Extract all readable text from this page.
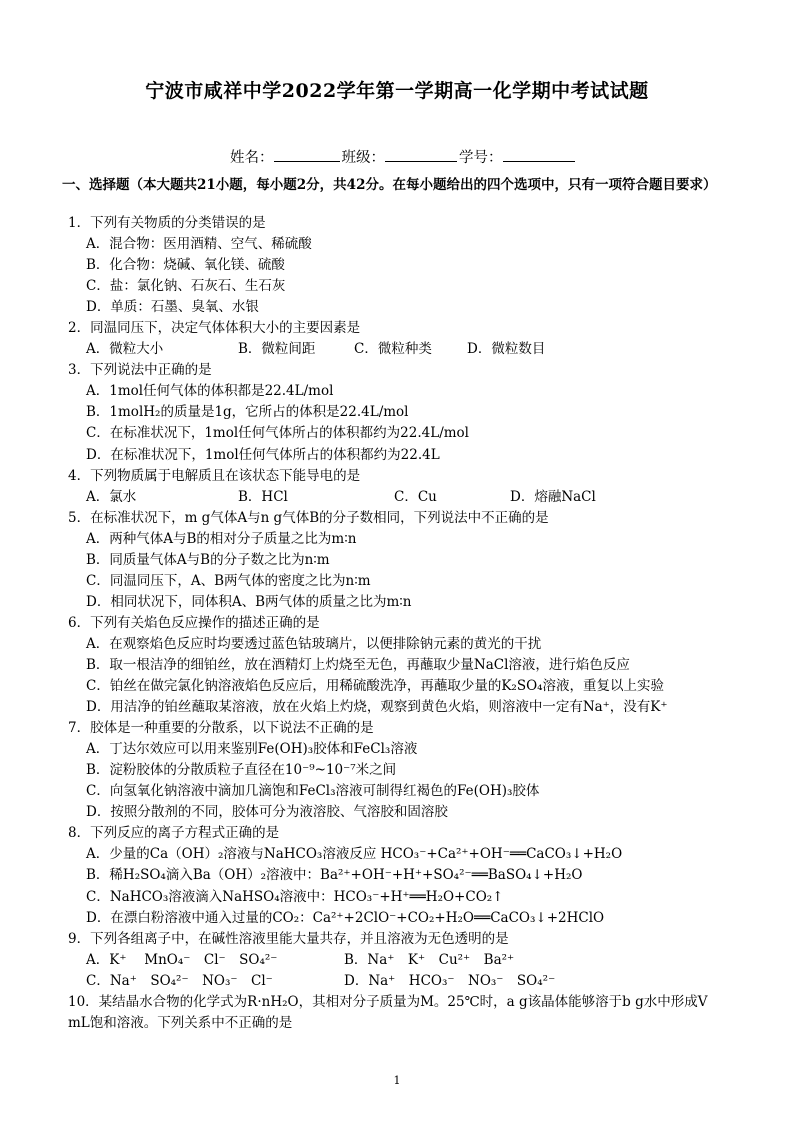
宁波市咸祥中学2022学年第一学期高一化学期中考试试题
姓名：	班级：	学号：
一、选择题（本大题共21小题，每小题2分，共42分。在每小题给出的四个选项中，只有一项符合题目要求）

1．下列有关物质的分类错误的是

A．混合物：医用酒精、空气、稀硫酸

B．化合物：烧碱、氧化镁、硫酸

C．盐：氯化钠、石灰石、生石灰

D．单质：石墨、臭氧、水银

2．同温同压下，决定气体体积大小的主要因素是

A．微粒大小	B．微粒间距	C．微粒种类	D．微粒数目

3．下列说法中正确的是

A．1mol任何气体的体积都是22.4L/mol

B．1molH₂的质量是1g，它所占的体积是22.4L/mol

C．在标准状况下，1mol任何气体所占的体积都约为22.4L/mol

D．在标准状况下，1mol任何气体所占的体积都约为22.4L

4．下列物质属于电解质且在该状态下能导电的是

A．氯水	B．HCl	C．Cu	D．熔融NaCl

5．在标准状况下，m g气体A与n g气体B的分子数相同，下列说法中不正确的是

A．两种气体A与B的相对分子质量之比为m∶n

B．同质量气体A与B的分子数之比为n∶m

C．同温同压下，A、B两气体的密度之比为n∶m

D．相同状况下，同体积A、B两气体的质量之比为m∶n

6．下列有关焰色反应操作的描述正确的是

A．在观察焰色反应时均要透过蓝色钴玻璃片，以便排除钠元素的黄光的干扰

B．取一根洁净的细铂丝，放在酒精灯上灼烧至无色，再蘸取少量NaCl溶液，进行焰色反应

C．铂丝在做完氯化钠溶液焰色反应后，用稀硫酸洗净，再蘸取少量的K₂SO₄溶液，重复以上实验

D．用洁净的铂丝蘸取某溶液，放在火焰上灼烧，观察到黄色火焰，则溶液中一定有Na⁺，没有K⁺

7．胶体是一种重要的分散系，以下说法不正确的是

A．丁达尔效应可以用来鉴别Fe(OH)₃胶体和FeCl₃溶液

B．淀粉胶体的分散质粒子直径在10⁻⁹~10⁻⁷米之间

C．向氢氧化钠溶液中滴加几滴饱和FeCl₃溶液可制得红褐色的Fe(OH)₃胶体

D．按照分散剂的不同，胶体可分为液溶胶、气溶胶和固溶胶

8．下列反应的离子方程式正确的是

A．少量的Ca（OH）₂溶液与NaHCO₃溶液反应 HCO₃⁻+Ca²⁺+OH⁻══CaCO₃↓+H₂O

B．稀H₂SO₄滴入Ba（OH）₂溶液中：Ba²⁺+OH⁻+H⁺+SO₄²⁻══BaSO₄↓+H₂O

C．NaHCO₃溶液滴入NaHSO₄溶液中：HCO₃⁻+H⁺══H₂O+CO₂↑

D．在漂白粉溶液中通入过量的CO₂：Ca²⁺+2ClO⁻+CO₂+H₂O══CaCO₃↓+2HClO

9．下列各组离子中，在碱性溶液里能大量共存，并且溶液为无色透明的是

A．K⁺　 MnO₄⁻　Cl⁻　SO₄²⁻	B．Na⁺　K⁺　Cu²⁺　Ba²⁺
C．Na⁺　SO₄²⁻　NO₃⁻　Cl⁻	D．Na⁺　HCO₃⁻　NO₃⁻　SO₄²⁻

10．某结晶水合物的化学式为R·nH₂O，其相对分子质量为M。25℃时，a g该晶体能够溶于b g水中形成V mL饱和溶液。下列关系中不正确的是

1
